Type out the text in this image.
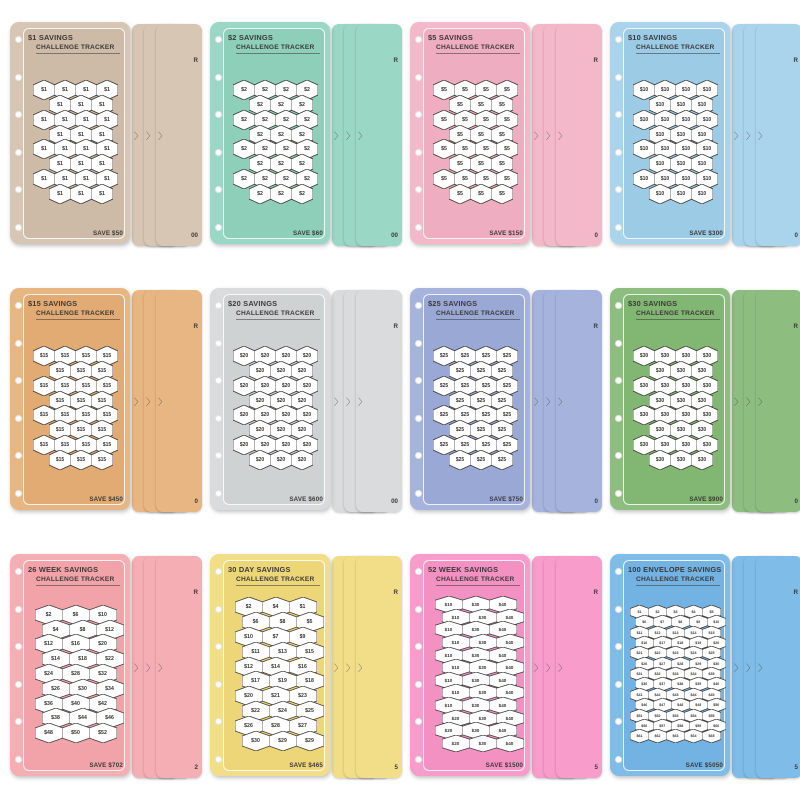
00
R
〉
〉
〉
$1 SAVINGS
CHALLENGE TRACKER
$1	$1	$1	$1
$1	$1	$1
$1	$1	$1	$1
$1	$1	$1
$1	$1	$1	$1
$1	$1	$1
$1	$1	$1	$1
$1	$1	$1
SAVE $50	00
R
〉
〉
〉
$2 SAVINGS
CHALLENGE TRACKER
$2	$2	$2	$2
$2	$2	$2
$2	$2	$2	$2
$2	$2	$2
$2	$2	$2	$2
$2	$2	$2
$2	$2	$2	$2
$2	$2	$2
SAVE $60	0
R
〉
〉
〉
$5 SAVINGS
CHALLENGE TRACKER
$5	$5	$5	$5
$5	$5	$5
$5	$5	$5	$5
$5	$5	$5
$5	$5	$5	$5
$5	$5	$5
$5	$5	$5	$5
$5	$5	$5
SAVE $150	0
R
〉
〉
〉
$10 SAVINGS
CHALLENGE TRACKER
$10	$10	$10	$10
$10	$10	$10
$10	$10	$10	$10
$10	$10	$10
$10	$10	$10	$10
$10	$10	$10
$10	$10	$10	$10
$10	$10	$10
SAVE $300
0
R
〉
〉
〉
$15 SAVINGS
CHALLENGE TRACKER
$15	$15	$15	$15
$15	$15	$15
$15	$15	$15	$15
$15	$15	$15
$15	$15	$15	$15
$15	$15	$15
$15	$15	$15	$15
$15	$15	$15
SAVE $450	00
R
〉
〉
〉
$20 SAVINGS
CHALLENGE TRACKER
$20	$20	$20	$20
$20	$20	$20
$20	$20	$20	$20
$20	$20	$20
$20	$20	$20	$20
$20	$20	$20
$20	$20	$20	$20
$20	$20	$20
SAVE $600	0
R
〉
〉
〉
$25 SAVINGS
CHALLENGE TRACKER
$25	$25	$25	$25
$25	$25	$25
$25	$25	$25	$25
$25	$25	$25
$25	$25	$25	$25
$25	$25	$25
$25	$25	$25	$25
$25	$25	$25
SAVE $750	0
R
〉
〉
〉
$30 SAVINGS
CHALLENGE TRACKER
$30	$30	$30	$30
$30	$30	$30
$30	$30	$30	$30
$30	$30	$30
$30	$30	$30	$30
$30	$30	$30
$30	$30	$30	$30
$30	$30	$30
SAVE $900
2
R
〉
〉
〉
26 WEEK SAVINGS
CHALLENGE TRACKER
$2	$6	$10
$4	$8	$12
$12	$16	$20
$14	$18	$22
$24	$28	$32
$26	$30	$34
$36	$40	$42
$38	$44	$46
$48	$50	$52
SAVE $702	5
R
〉
〉
〉
30 DAY SAVINGS
CHALLENGE TRACKER
$2	$4	$1
$6	$8	$5
$10	$7	$9
$11	$13	$15
$12	$14	$16
$17	$19	$18
$20	$21	$23
$22	$24	$25
$26	$28	$27
$30	$29	$29
SAVE $465	5
R
〉
〉
〉
52 WEEK SAVINGS
CHALLENGE TRACKER
$10	$30	$40
$10	$30	$40
$10	$30	$40
$10	$30	$40
$10	$30	$40
$10	$30	$40
$10	$30	$40
$10	$30	$40
$10	$30	$40
$20	$30	$40
$20	$30	$40
$20	$30	$40
SAVE $1500	5
R
〉
〉
〉
100 ENVELOPE SAVINGS
CHALLENGE TRACKER
$1	$2	$3	$4	$5
$6	$7	$8	$9	$10
$11	$12	$13	$14	$15
$16	$17	$18	$19	$20
$21	$22	$23	$24	$25
$26	$27	$28	$29	$30
$31	$32	$33	$34	$35
$36	$37	$38	$39	$40
$41	$42	$43	$44	$45
$46	$47	$48	$49	$50
$51	$52	$53	$54	$55
$56	$57	$58	$59	$60
$61	$62	$63	$64	$65
SAVE $5050
